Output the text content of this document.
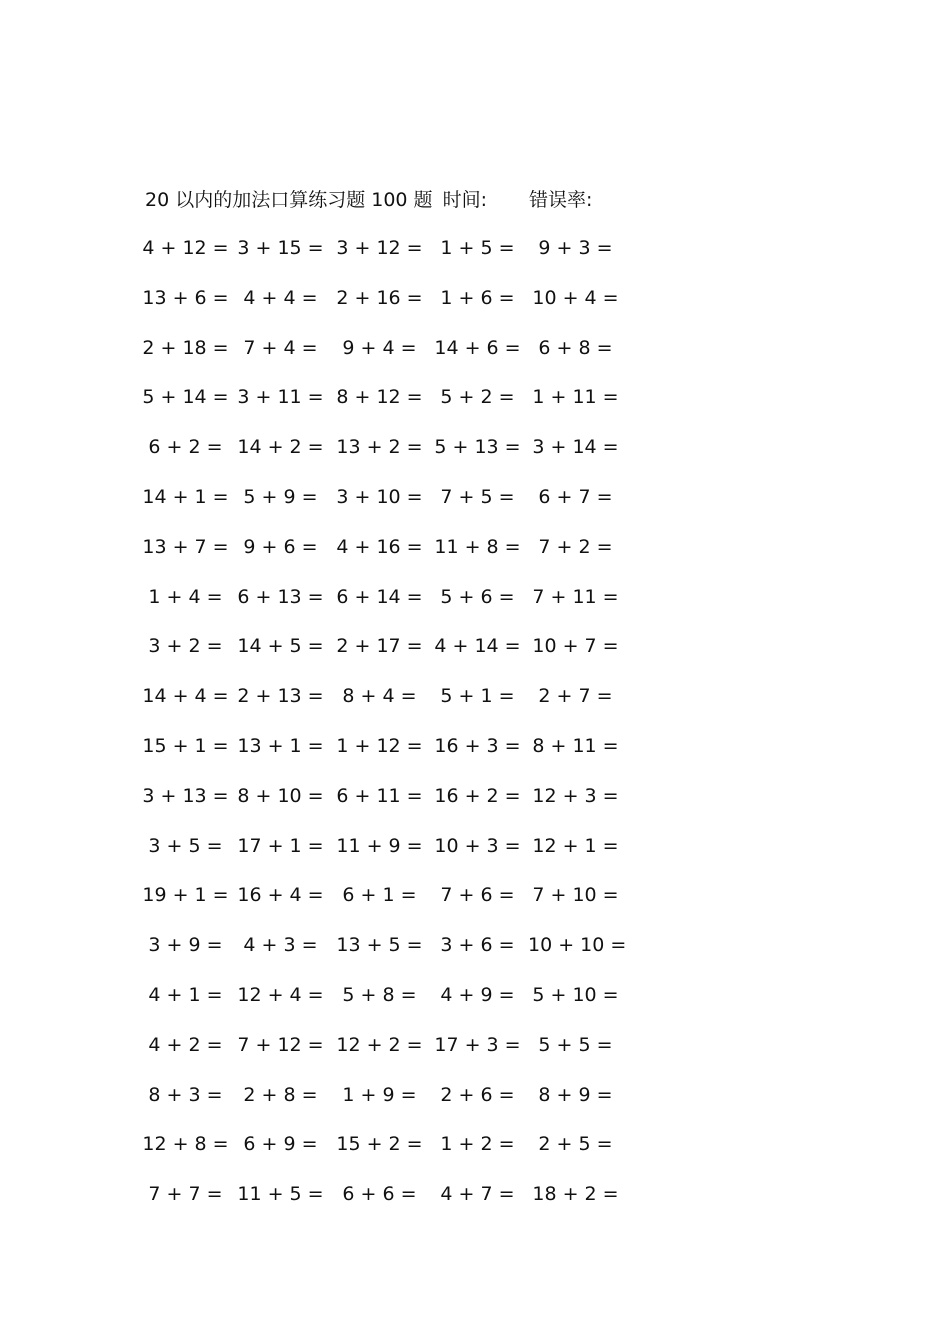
20 以内的加法口算练习题 100 题 时间: 错误率:
4 + 12 = 3 + 15 = 3 + 12 = 1 + 5 =	9 + 3 =
13 + 6 = 4 + 4 = 2 + 16 = 1 + 6 = 10 + 4 =
2 + 18 = 7 + 4 =	9 + 4 = 14 + 6 = 6 + 8 =
5 + 14 = 3 + 11 = 8 + 12 = 5 + 2 = 1 + 11 =
6 + 2 = 14 + 2 = 13 + 2 = 5 + 13 = 3 + 14 =
14 + 1 = 5 + 9 = 3 + 10 = 7 + 5 =	6 + 7 =
13 + 7 = 9 + 6 = 4 + 16 = 11 + 8 = 7 + 2 =
1 + 4 = 6 + 13 = 6 + 14 = 5 + 6 = 7 + 11 =
3 + 2 = 14 + 5 = 2 + 17 = 4 + 14 = 10 + 7 =
14 + 4 = 2 + 13 = 8 + 4 =	5 + 1 =	2 + 7 =
15 + 1 = 13 + 1 = 1 + 12 = 16 + 3 = 8 + 11 =
3 + 13 = 8 + 10 = 6 + 11 = 16 + 2 = 12 + 3 =
3 + 5 = 17 + 1 = 11 + 9 = 10 + 3 = 12 + 1 =
19 + 1 = 16 + 4 = 6 + 1 =	7 + 6 = 7 + 10 =
3 + 9 =	4 + 3 = 13 + 5 = 3 + 6 = 10 + 10 =
4 + 1 = 12 + 4 = 5 + 8 =	4 + 9 = 5 + 10 =
4 + 2 = 7 + 12 = 12 + 2 = 17 + 3 = 5 + 5 =
8 + 3 =	2 + 8 =	1 + 9 =	2 + 6 =	8 + 9 =
12 + 8 = 6 + 9 = 15 + 2 = 1 + 2 =	2 + 5 =
7 + 7 = 11 + 5 = 6 + 6 =	4 + 7 = 18 + 2 =
